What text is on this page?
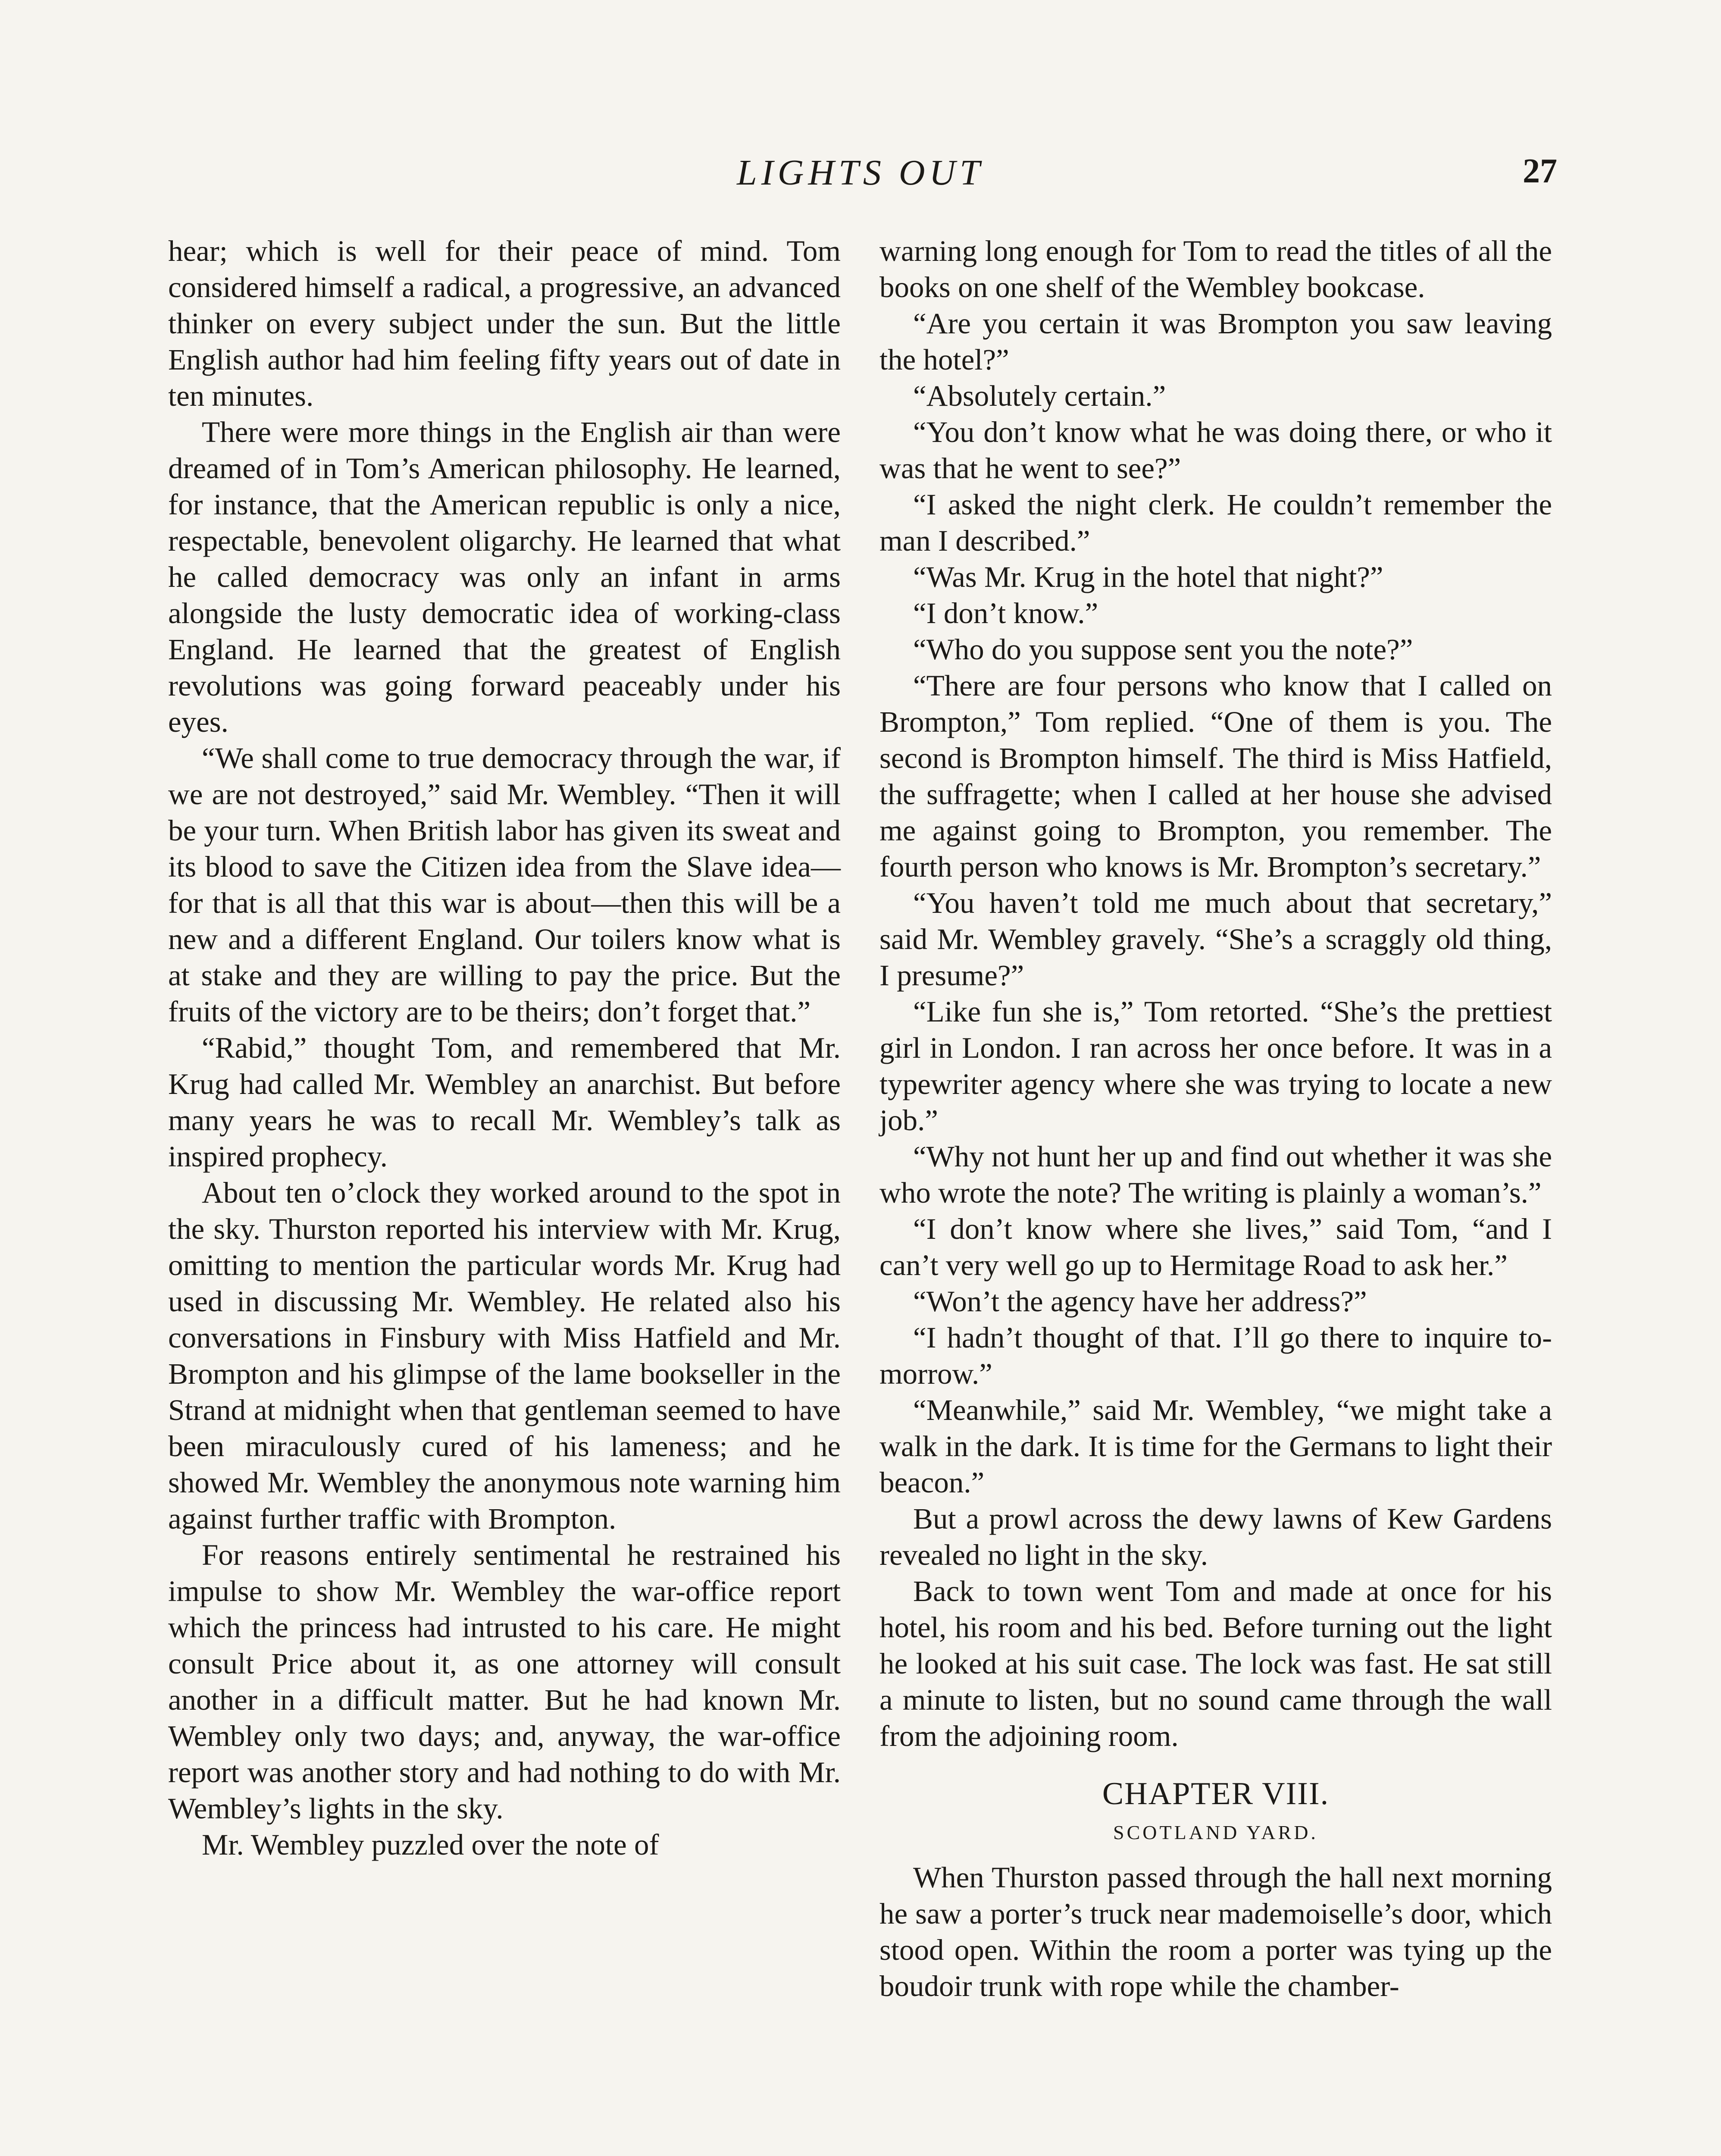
LIGHTS OUT	27

hear; which is well for their peace of mind. Tom considered himself a radical, a progressive, an advanced thinker on every subject under the sun. But the little English author had him feeling fifty years out of date in ten minutes.

There were more things in the English air than were dreamed of in Tom’s American philosophy. He learned, for instance, that the American republic is only a nice, respectable, benevolent oligarchy. He learned that what he called democracy was only an infant in arms alongside the lusty democratic idea of working-class England. He learned that the greatest of English revolutions was going forward peaceably under his eyes.

“We shall come to true democracy through the war, if we are not destroyed,” said Mr. Wembley. “Then it will be your turn. When British labor has given its sweat and its blood to save the Citizen idea from the Slave idea—for that is all that this war is about—then this will be a new and a different England. Our toilers know what is at stake and they are willing to pay the price. But the fruits of the victory are to be theirs; don’t forget that.”

“Rabid,” thought Tom, and remembered that Mr. Krug had called Mr. Wembley an anarchist. But before many years he was to recall Mr. Wembley’s talk as inspired prophecy.

About ten o’clock they worked around to the spot in the sky. Thurston reported his interview with Mr. Krug, omitting to mention the particular words Mr. Krug had used in discussing Mr. Wembley. He related also his conversations in Finsbury with Miss Hatfield and Mr. Brompton and his glimpse of the lame bookseller in the Strand at midnight when that gentleman seemed to have been miraculously cured of his lameness; and he showed Mr. Wembley the anonymous note warning him against further traffic with Brompton.

For reasons entirely sentimental he restrained his impulse to show Mr. Wembley the war-office report which the princess had intrusted to his care. He might consult Price about it, as one attorney will consult another in a difficult matter. But he had known Mr. Wembley only two days; and, anyway, the war-office report was another story and had nothing to do with Mr. Wembley’s lights in the sky.

Mr. Wembley puzzled over the note of

warning long enough for Tom to read the titles of all the books on one shelf of the Wembley bookcase.

“Are you certain it was Brompton you saw leaving the hotel?”

“Absolutely certain.”

“You don’t know what he was doing there, or who it was that he went to see?”

“I asked the night clerk. He couldn’t remember the man I described.”

“Was Mr. Krug in the hotel that night?”

“I don’t know.”

“Who do you suppose sent you the note?”

“There are four persons who know that I called on Brompton,” Tom replied. “One of them is you. The second is Brompton himself. The third is Miss Hatfield, the suffragette; when I called at her house she advised me against going to Brompton, you remember. The fourth person who knows is Mr. Brompton’s secretary.”

“You haven’t told me much about that secretary,” said Mr. Wembley gravely. “She’s a scraggly old thing, I presume?”

“Like fun she is,” Tom retorted. “She’s the prettiest girl in London. I ran across her once before. It was in a typewriter agency where she was trying to locate a new job.”

“Why not hunt her up and find out whether it was she who wrote the note? The writing is plainly a woman’s.”

“I don’t know where she lives,” said Tom, “and I can’t very well go up to Hermitage Road to ask her.”

“Won’t the agency have her address?”

“I hadn’t thought of that. I’ll go there to inquire to-morrow.”

“Meanwhile,” said Mr. Wembley, “we might take a walk in the dark. It is time for the Germans to light their beacon.”

But a prowl across the dewy lawns of Kew Gardens revealed no light in the sky.

Back to town went Tom and made at once for his hotel, his room and his bed. Before turning out the light he looked at his suit case. The lock was fast. He sat still a minute to listen, but no sound came through the wall from the adjoining room.

CHAPTER VIII.
SCOTLAND YARD.

When Thurston passed through the hall next morning he saw a porter’s truck near mademoiselle’s door, which stood open. Within the room a porter was tying up the boudoir trunk with rope while the chamber-
